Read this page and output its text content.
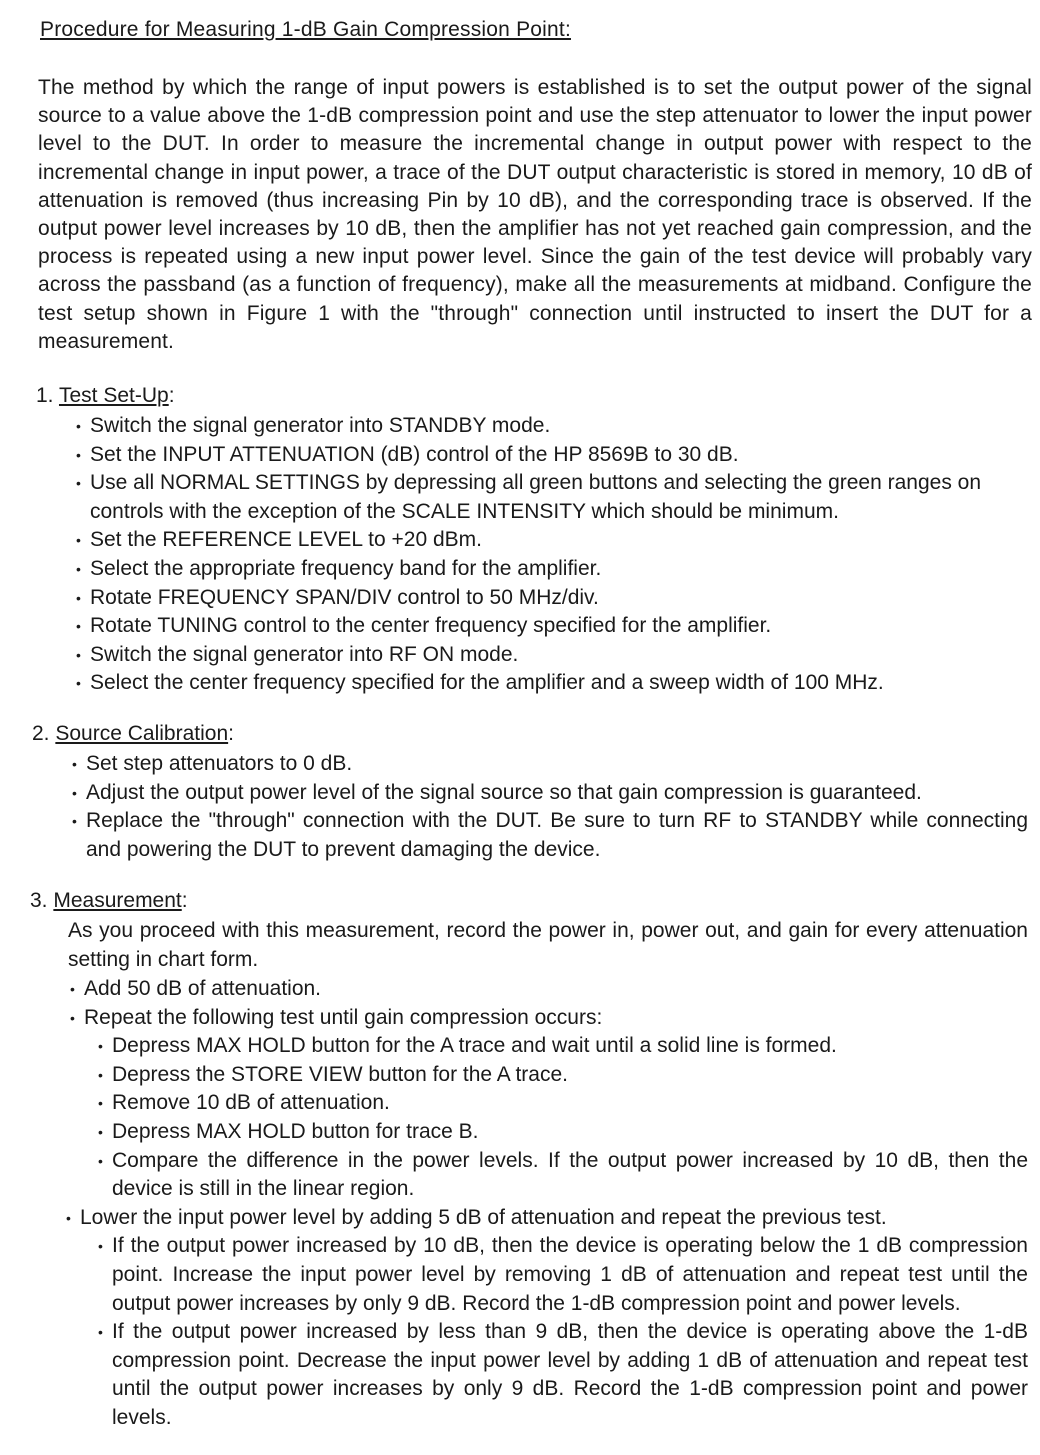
Procedure for Measuring 1-dB Gain Compression Point:

The method by which the range of input powers is established is to set the output power of the signal source to a value above the 1-dB compression point and use the step attenuator to lower the input power level to the DUT. In order to measure the incremental change in output power with respect to the incremental change in input power, a trace of the DUT output characteristic is stored in memory, 10 dB of attenuation is removed (thus increasing Pin by 10 dB), and the corresponding trace is observed. If the output power level increases by 10 dB, then the amplifier has not yet reached gain compression, and the process is repeated using a new input power level. Since the gain of the test device will probably vary across the passband (as a function of frequency), make all the measurements at midband. Configure the test setup shown in Figure 1 with the "through" connection until instructed to insert the DUT for a measurement.

1. Test Set-Up:
• Switch the signal generator into STANDBY mode.
• Set the INPUT ATTENUATION (dB) control of the HP 8569B to 30 dB.
• Use all NORMAL SETTINGS by depressing all green buttons and selecting the green ranges on controls with the exception of the SCALE INTENSITY which should be minimum.
• Set the REFERENCE LEVEL to +20 dBm.
• Select the appropriate frequency band for the amplifier.
• Rotate FREQUENCY SPAN/DIV control to 50 MHz/div.
• Rotate TUNING control to the center frequency specified for the amplifier.
• Switch the signal generator into RF ON mode.
• Select the center frequency specified for the amplifier and a sweep width of 100 MHz.
2. Source Calibration:
• Set step attenuators to 0 dB.
• Adjust the output power level of the signal source so that gain compression is guaranteed.
• Replace the "through" connection with the DUT. Be sure to turn RF to STANDBY while connecting and powering the DUT to prevent damaging the device.
3. Measurement:
As you proceed with this measurement, record the power in, power out, and gain for every attenuation setting in chart form.
• Add 50 dB of attenuation.
• Repeat the following test until gain compression occurs:
• Depress MAX HOLD button for the A trace and wait until a solid line is formed.
• Depress the STORE VIEW button for the A trace.
• Remove 10 dB of attenuation.
• Depress MAX HOLD button for trace B.
• Compare the difference in the power levels. If the output power increased by 10 dB, then the device is still in the linear region.
• Lower the input power level by adding 5 dB of attenuation and repeat the previous test.
• If the output power increased by 10 dB, then the device is operating below the 1 dB compression point. Increase the input power level by removing 1 dB of attenuation and repeat test until the output power increases by only 9 dB. Record the 1-dB compression point and power levels.
• If the output power increased by less than 9 dB, then the device is operating above the 1-dB compression point. Decrease the input power level by adding 1 dB of attenuation and repeat test until the output power increases by only 9 dB. Record the 1-dB compression point and power levels.
